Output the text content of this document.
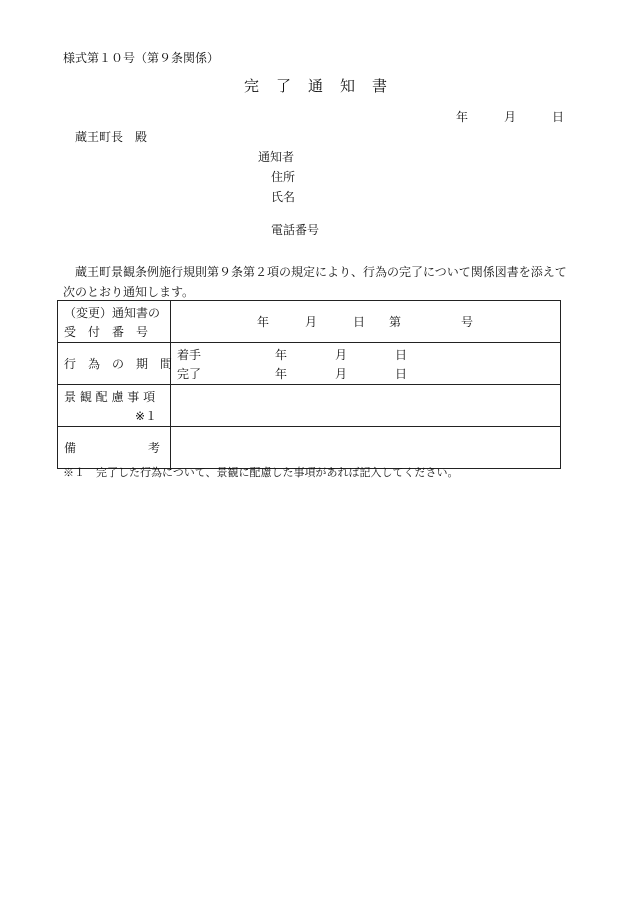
様式第１０号（第９条関係）
完　了　通　知　書
年　　　月　　　日
蔵王町長　殿
通知者
住所
氏名
電話番号
蔵王町景観条例施行規則第９条第２項の規定により、行為の完了について関係図書を添えて次のとおり通知します。
（変更）通知書の
受　付　番　号	年　　　月　　　日　　第　　　　　号

行　為　の　期　間	着手 年　　　　月　　　　日
完了 年　　　　月　　　　日

景 観 配 慮 事 項
※１	

備　　　　　　考	

※１　完了した行為について、景観に配慮した事項があれば記入してください。
